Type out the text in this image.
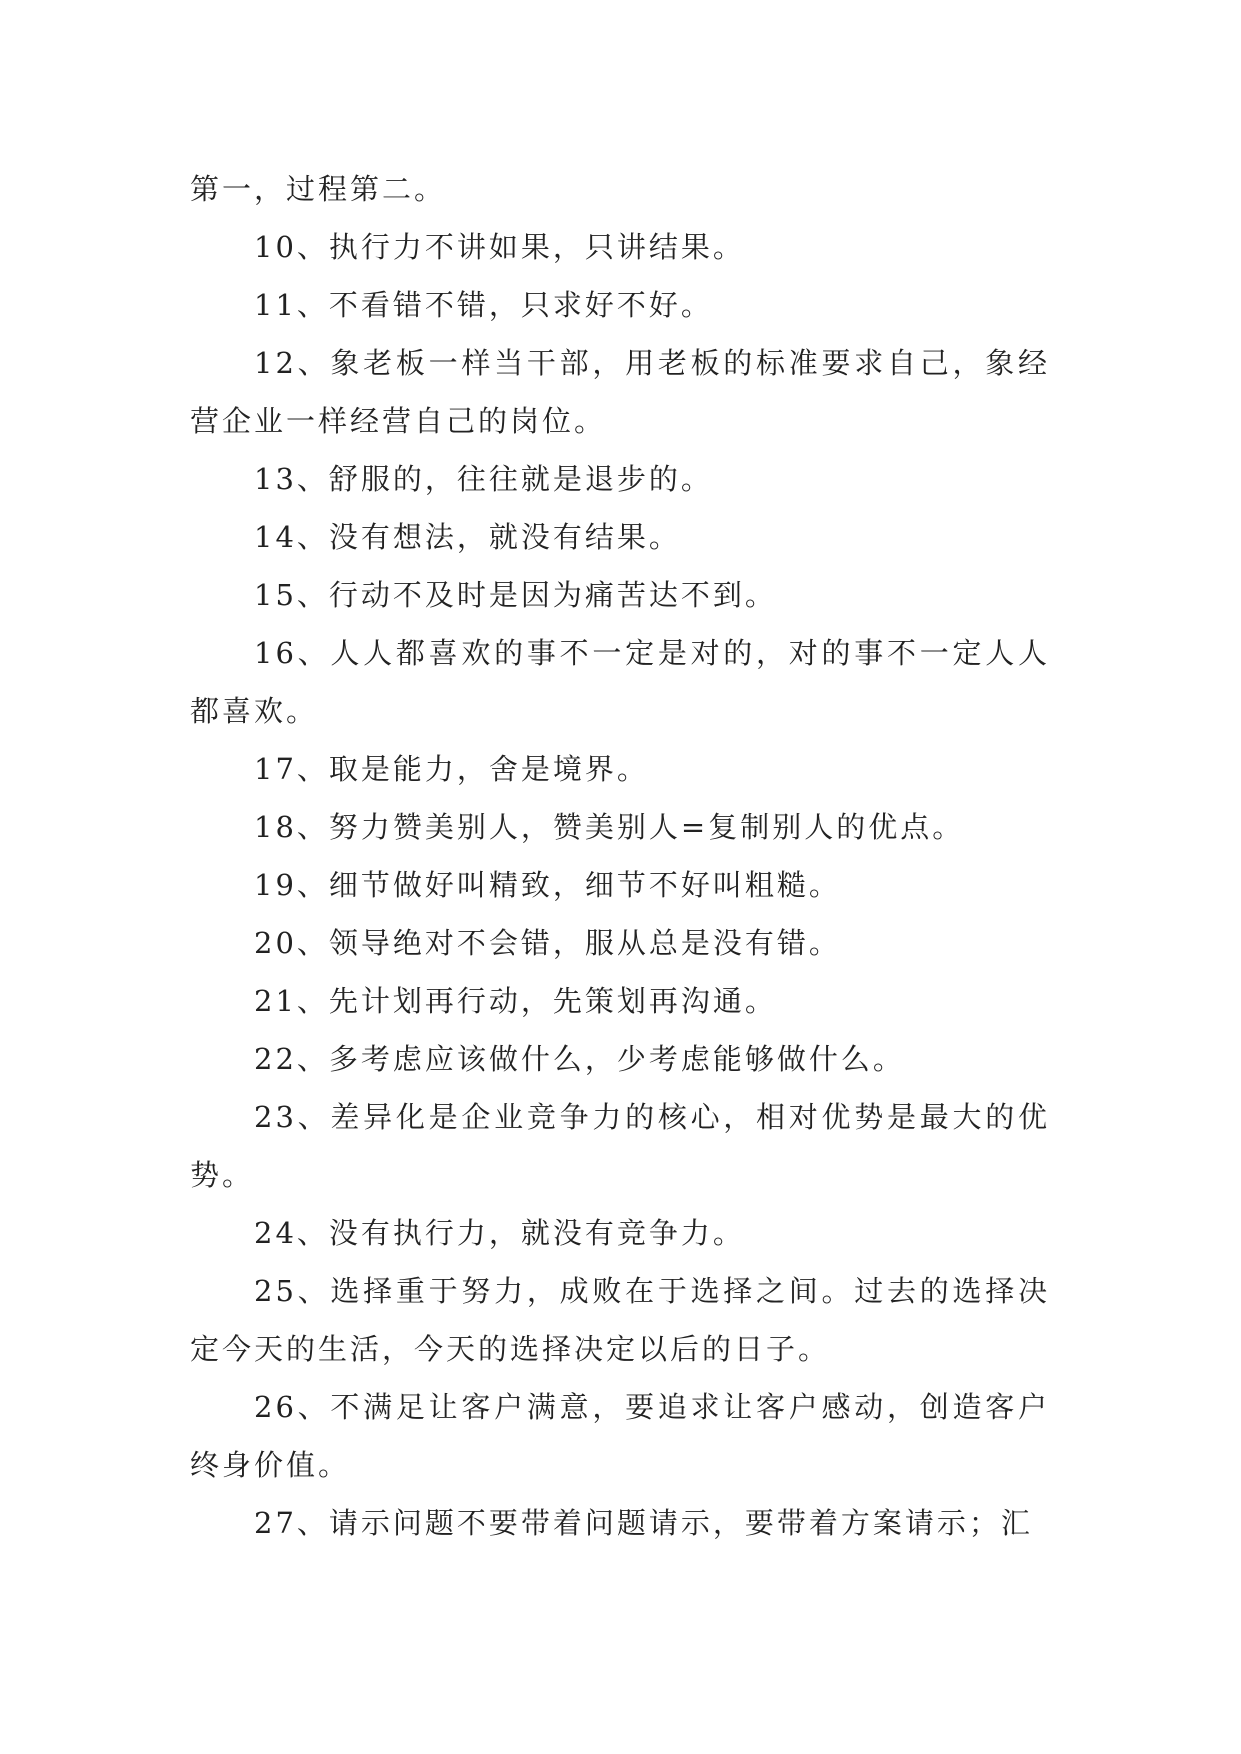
第一，过程第二。

10、执行力不讲如果，只讲结果。

11、不看错不错，只求好不好。

12、象老板一样当干部，用老板的标准要求自己，象经营企业一样经营自己的岗位。

13、舒服的，往往就是退步的。

14、没有想法，就没有结果。

15、行动不及时是因为痛苦达不到。

16、人人都喜欢的事不一定是对的，对的事不一定人人都喜欢。

17、取是能力，舍是境界。

18、努力赞美别人，赞美别人=复制别人的优点。

19、细节做好叫精致，细节不好叫粗糙。

20、领导绝对不会错，服从总是没有错。

21、先计划再行动，先策划再沟通。

22、多考虑应该做什么，少考虑能够做什么。

23、差异化是企业竞争力的核心，相对优势是最大的优势。

24、没有执行力，就没有竞争力。

25、选择重于努力，成败在于选择之间。过去的选择决定今天的生活，今天的选择决定以后的日子。

26、不满足让客户满意，要追求让客户感动，创造客户终身价值。

27、请示问题不要带着问题请示，要带着方案请示；汇
